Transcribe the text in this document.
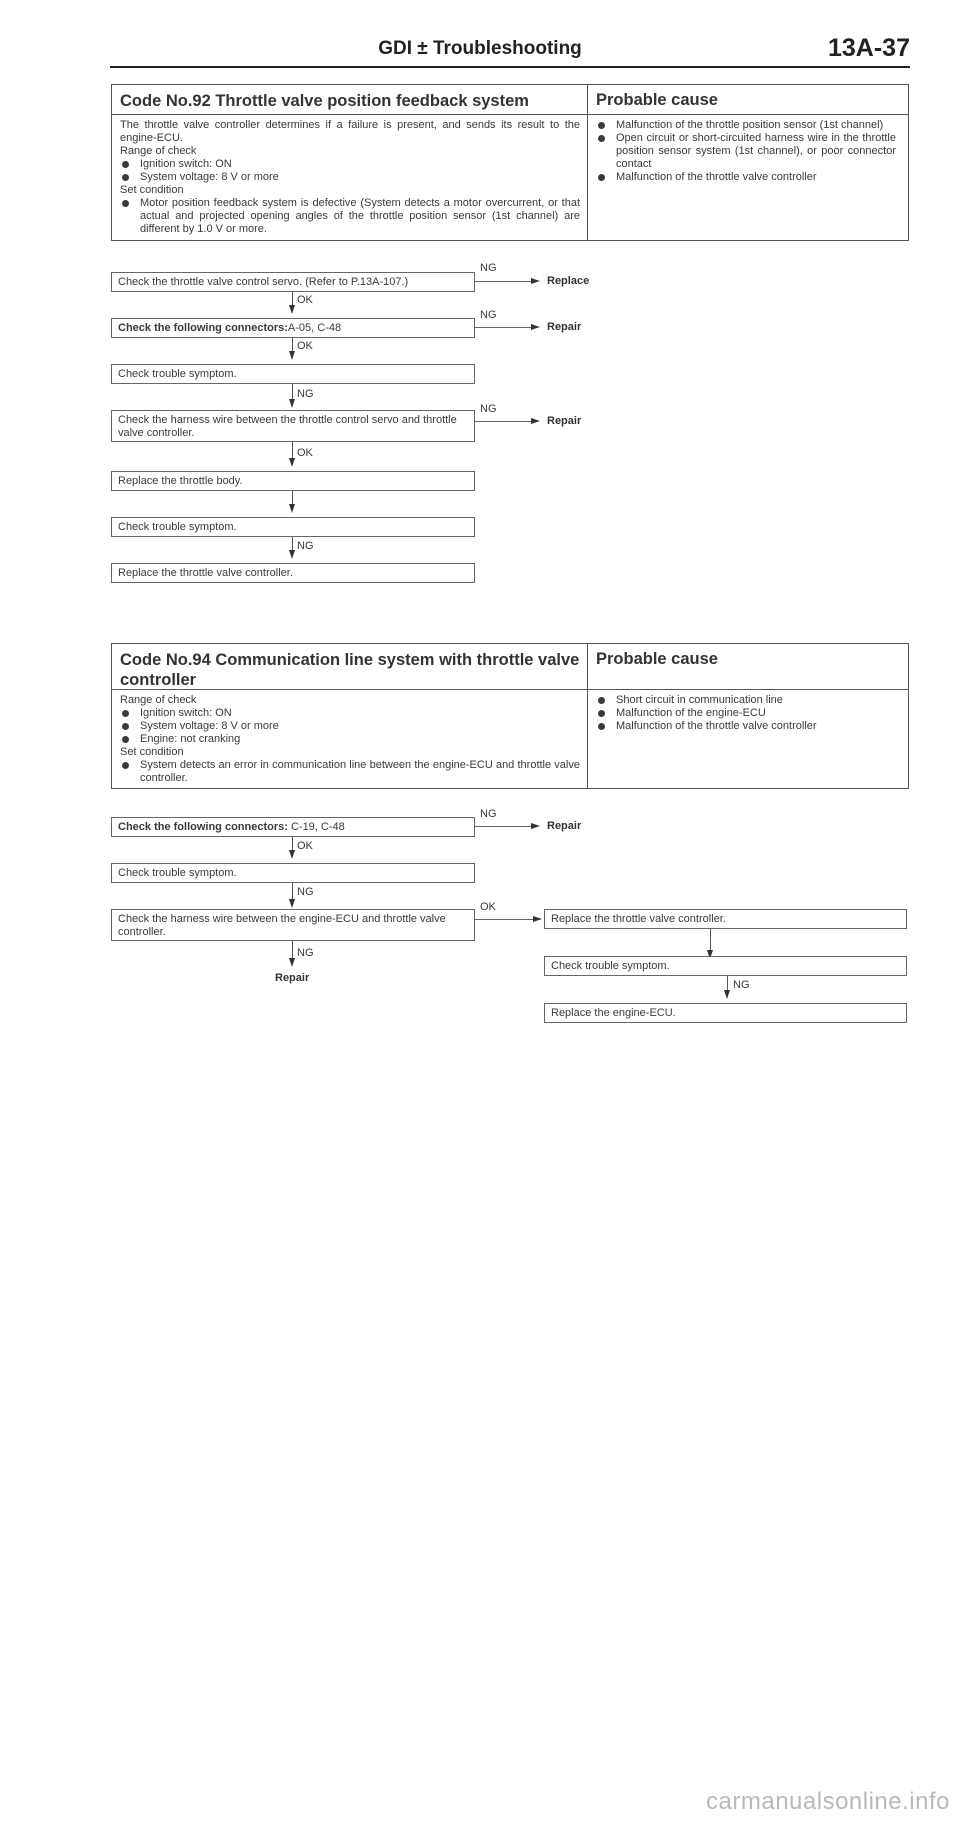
GDI ± Troubleshooting	13A-37
Code No.92 Throttle valve position feedback system	Probable cause

The throttle valve controller determines if a failure is present, and sends its result to the engine-ECU.

Range of check

Ignition switch: ON

System voltage: 8 V or more

Set condition

Motor position feedback system is defective (System detects a motor overcurrent, or that actual and projected opening angles of the throttle position sensor (1st channel) are different by 1.0 V or more.

Malfunction of the throttle position sensor (1st channel)

Open circuit or short-circuited harness wire in the throttle position sensor system (1st channel), or poor connector contact

Malfunction of the throttle valve controller

Check the throttle valve control servo. (Refer to P.13A-107.)
NG
Replace
OK
Check the following connectors:A-05, C-48
NG
Repair
OK
Check trouble symptom.
NG
Check the harness wire between the throttle control servo and throttle valve controller.
NG
Repair
OK
Replace the throttle body.
Check trouble symptom.
NG
Replace the throttle valve controller.
Code No.94 Communication line system with throttle valve controller
Probable cause

Range of check

Ignition switch: ON

System voltage: 8 V or more

Engine: not cranking

Set condition

System detects an error in communication line between the engine-ECU and throttle valve controller.

Short circuit in communication line

Malfunction of the engine-ECU

Malfunction of the throttle valve controller

Check the following connectors: C-19, C-48
NG
Repair
OK
Check trouble symptom.
NG
Check the harness wire between the engine-ECU and throttle valve controller.
OK
NG
Repair
Replace the throttle valve controller.
Check trouble symptom.
NG
Replace the engine-ECU.
carmanualsonline.info
